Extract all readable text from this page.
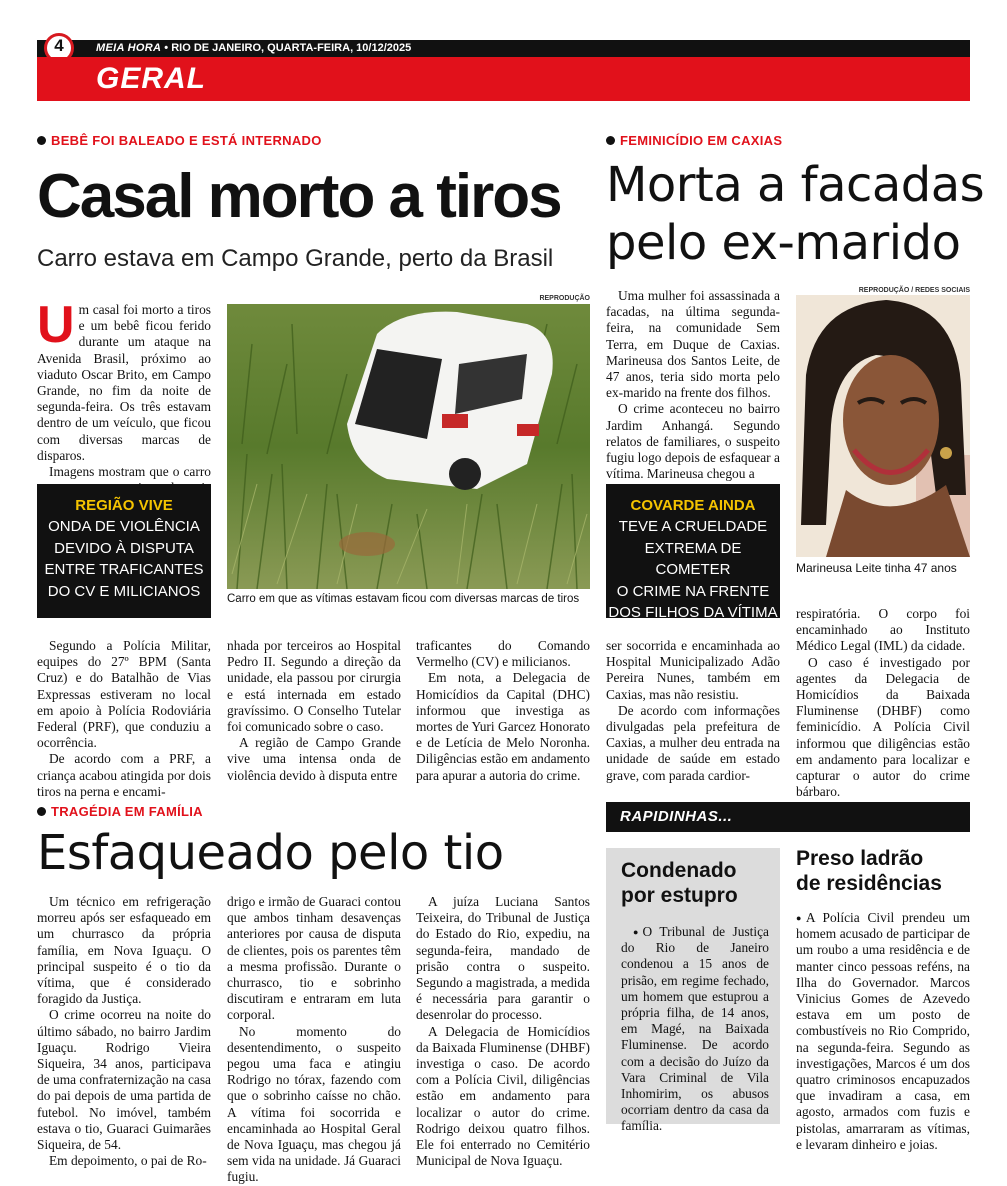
4	MEIA HORA • RIO DE JANEIRO, QUARTA-FEIRA, 10/12/2025
GERAL
BEBÊ FOI BALEADO E ESTÁ INTERNADO
Casal morto a tiros
Carro estava em Campo Grande, perto da Brasil

Um casal foi morto a tiros e um bebê ficou ferido durante um ataque na Avenida Brasil, próximo ao viaduto Oscar Brito, em Campo Grande, no fim da noite de segunda-feira. Os três estavam dentro de um veículo, que ficou com diversas marcas de disparos.

Imagens mostram que o carro

REPRODUÇÃO
Carro em que as vítimas estavam ficou com diversas marcas de tiros
REGIÃO VIVE
ONDA DE VIOLÊNCIA
DEVIDO À DISPUTA
ENTRE TRAFICANTES
DO CV E MILICIANOS

Segundo a Polícia Militar, equipes do 27º BPM (Santa Cruz) e do Batalhão de Vias Expressas estiveram no local em apoio à Polícia Rodoviária Federal (PRF), que conduziu a ocorrência.

De acordo com a PRF, a criança acabou atingida por dois tiros na perna e encami-

nhada por terceiros ao Hospital Pedro II. Segundo a direção da unidade, ela passou por cirurgia e está internada em estado gravíssimo. O Conselho Tutelar foi comunicado sobre o caso.

A região de Campo Grande vive uma intensa onda de violência devido à disputa entre

traficantes do Comando Vermelho (CV) e milicianos.

Em nota, a Delegacia de Homicídios da Capital (DHC) informou que investiga as mortes de Yuri Garcez Honorato e de Letícia de Melo Noronha. Diligências estão em andamento para apurar a autoria do crime.

FEMINICÍDIO EM CAXIAS
Morta a facadas
pelo ex-marido

Uma mulher foi assassinada a facadas, na última segunda-feira, na comunidade Sem Terra, em Duque de Caxias. Marineusa dos Santos Leite, de 47 anos, teria sido morta pelo ex-marido na frente dos filhos.

O crime aconteceu no bairro Jardim Anhangá. Segundo relatos de familiares, o suspeito fugiu logo depois de esfaquear a vítima. Marineusa chegou a

REPRODUÇÃO / REDES SOCIAIS
Marineusa Leite tinha 47 anos
COVARDE AINDA
TEVE A CRUELDADE
EXTREMA DE COMETER
O CRIME NA FRENTE
DOS FILHOS DA VÍTIMA

ser socorrida e encaminhada ao Hospital Municipalizado Adão Pereira Nunes, também em Caxias, mas não resistiu.

De acordo com informações divulgadas pela prefeitura de Caxias, a mulher deu entrada na unidade de saúde em estado grave, com parada cardior-

respiratória. O corpo foi encaminhado ao Instituto Médico Legal (IML) da cidade.

O caso é investigado por agentes da Delegacia de Homicídios da Baixada Fluminense (DHBF) como feminicídio. A Polícia Civil informou que diligências estão em andamento para localizar e capturar o autor do crime bárbaro.

TRAGÉDIA EM FAMÍLIA
Esfaqueado pelo tio

Um técnico em refrigeração morreu após ser esfaqueado em um churrasco da própria família, em Nova Iguaçu. O principal suspeito é o tio da vítima, que é considerado foragido da Justiça.

O crime ocorreu na noite do último sábado, no bairro Jardim Iguaçu. Rodrigo Vieira Siqueira, 34 anos, participava de uma confraternização na casa do pai depois de uma partida de futebol. No imóvel, também estava o tio, Guaraci Guimarães Siqueira, de 54.

Em depoimento, o pai de Ro-

drigo e irmão de Guaraci contou que ambos tinham desavenças anteriores por causa de disputa de clientes, pois os parentes têm a mesma profissão. Durante o churrasco, tio e sobrinho discutiram e entraram em luta corporal.

No momento do desentendimento, o suspeito pegou uma faca e atingiu Rodrigo no tórax, fazendo com que o sobrinho caísse no chão. A vítima foi socorrida e encaminhada ao Hospital Geral de Nova Iguaçu, mas chegou já sem vida na unidade. Já Guaraci fugiu.

A juíza Luciana Santos Teixeira, do Tribunal de Justiça do Estado do Rio, expediu, na segunda-feira, mandado de prisão contra o suspeito. Segundo a magistrada, a medida é necessária para garantir o desenrolar do processo.

A Delegacia de Homicídios da Baixada Fluminense (DHBF) investiga o caso. De acordo com a Polícia Civil, diligências estão em andamento para localizar o autor do crime. Rodrigo deixou quatro filhos. Ele foi enterrado no Cemitério Municipal de Nova Iguaçu.

RAPIDINHAS...
Condenado
por estupro

● O Tribunal de Justiça do Rio de Janeiro condenou a 15 anos de prisão, em regime fechado, um homem que estuprou a própria filha, de 14 anos, em Magé, na Baixada Fluminense. De acordo com a decisão do Juízo da Vara Criminal de Vila Inhomirim, os abusos ocorriam dentro da casa da família.

Preso ladrão
de residências

● A Polícia Civil prendeu um homem acusado de participar de um roubo a uma residência e de manter cinco pessoas reféns, na Ilha do Governador. Marcos Vinicius Gomes de Azevedo estava em um posto de combustíveis no Rio Comprido, na segunda-feira. Segundo as investigações, Marcos é um dos quatro criminosos encapuzados que invadiram a casa, em agosto, armados com fuzis e pistolas, amarraram as vítimas, e levaram dinheiro e joias.
